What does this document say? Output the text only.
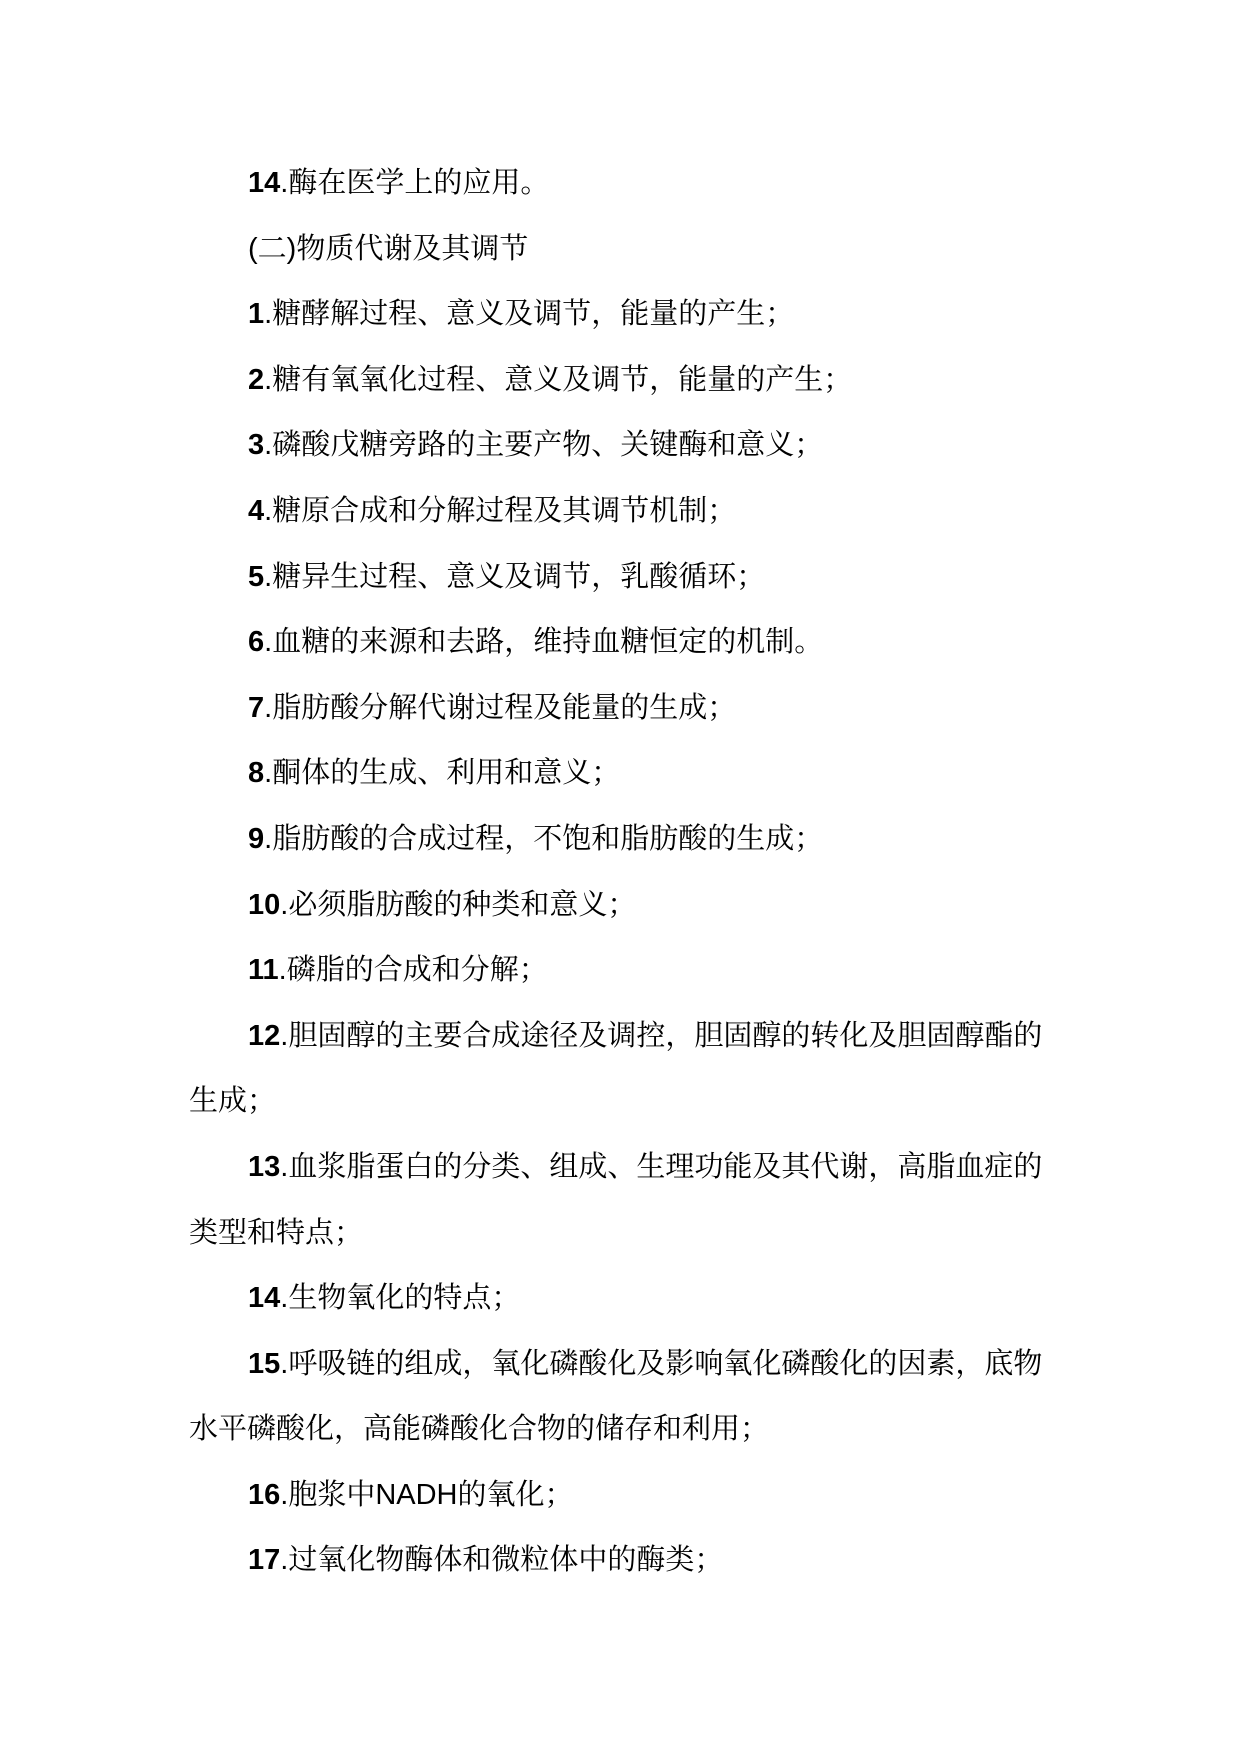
14.酶在医学上的应用。
(二)物质代谢及其调节
1.糖酵解过程、意义及调节，能量的产生；
2.糖有氧氧化过程、意义及调节，能量的产生；
3.磷酸戊糖旁路的主要产物、关键酶和意义；
4.糖原合成和分解过程及其调节机制；
5.糖异生过程、意义及调节，乳酸循环；
6.血糖的来源和去路，维持血糖恒定的机制。
7.脂肪酸分解代谢过程及能量的生成；
8.酮体的生成、利用和意义；
9.脂肪酸的合成过程，不饱和脂肪酸的生成；
10.必须脂肪酸的种类和意义；
11.磷脂的合成和分解；
12.胆固醇的主要合成途径及调控，胆固醇的转化及胆固醇酯的
生成；
13.血浆脂蛋白的分类、组成、生理功能及其代谢，高脂血症的
类型和特点；
14.生物氧化的特点；
15.呼吸链的组成，氧化磷酸化及影响氧化磷酸化的因素，底物
水平磷酸化，高能磷酸化合物的储存和利用；
16.胞浆中NADH的氧化；
17.过氧化物酶体和微粒体中的酶类；
